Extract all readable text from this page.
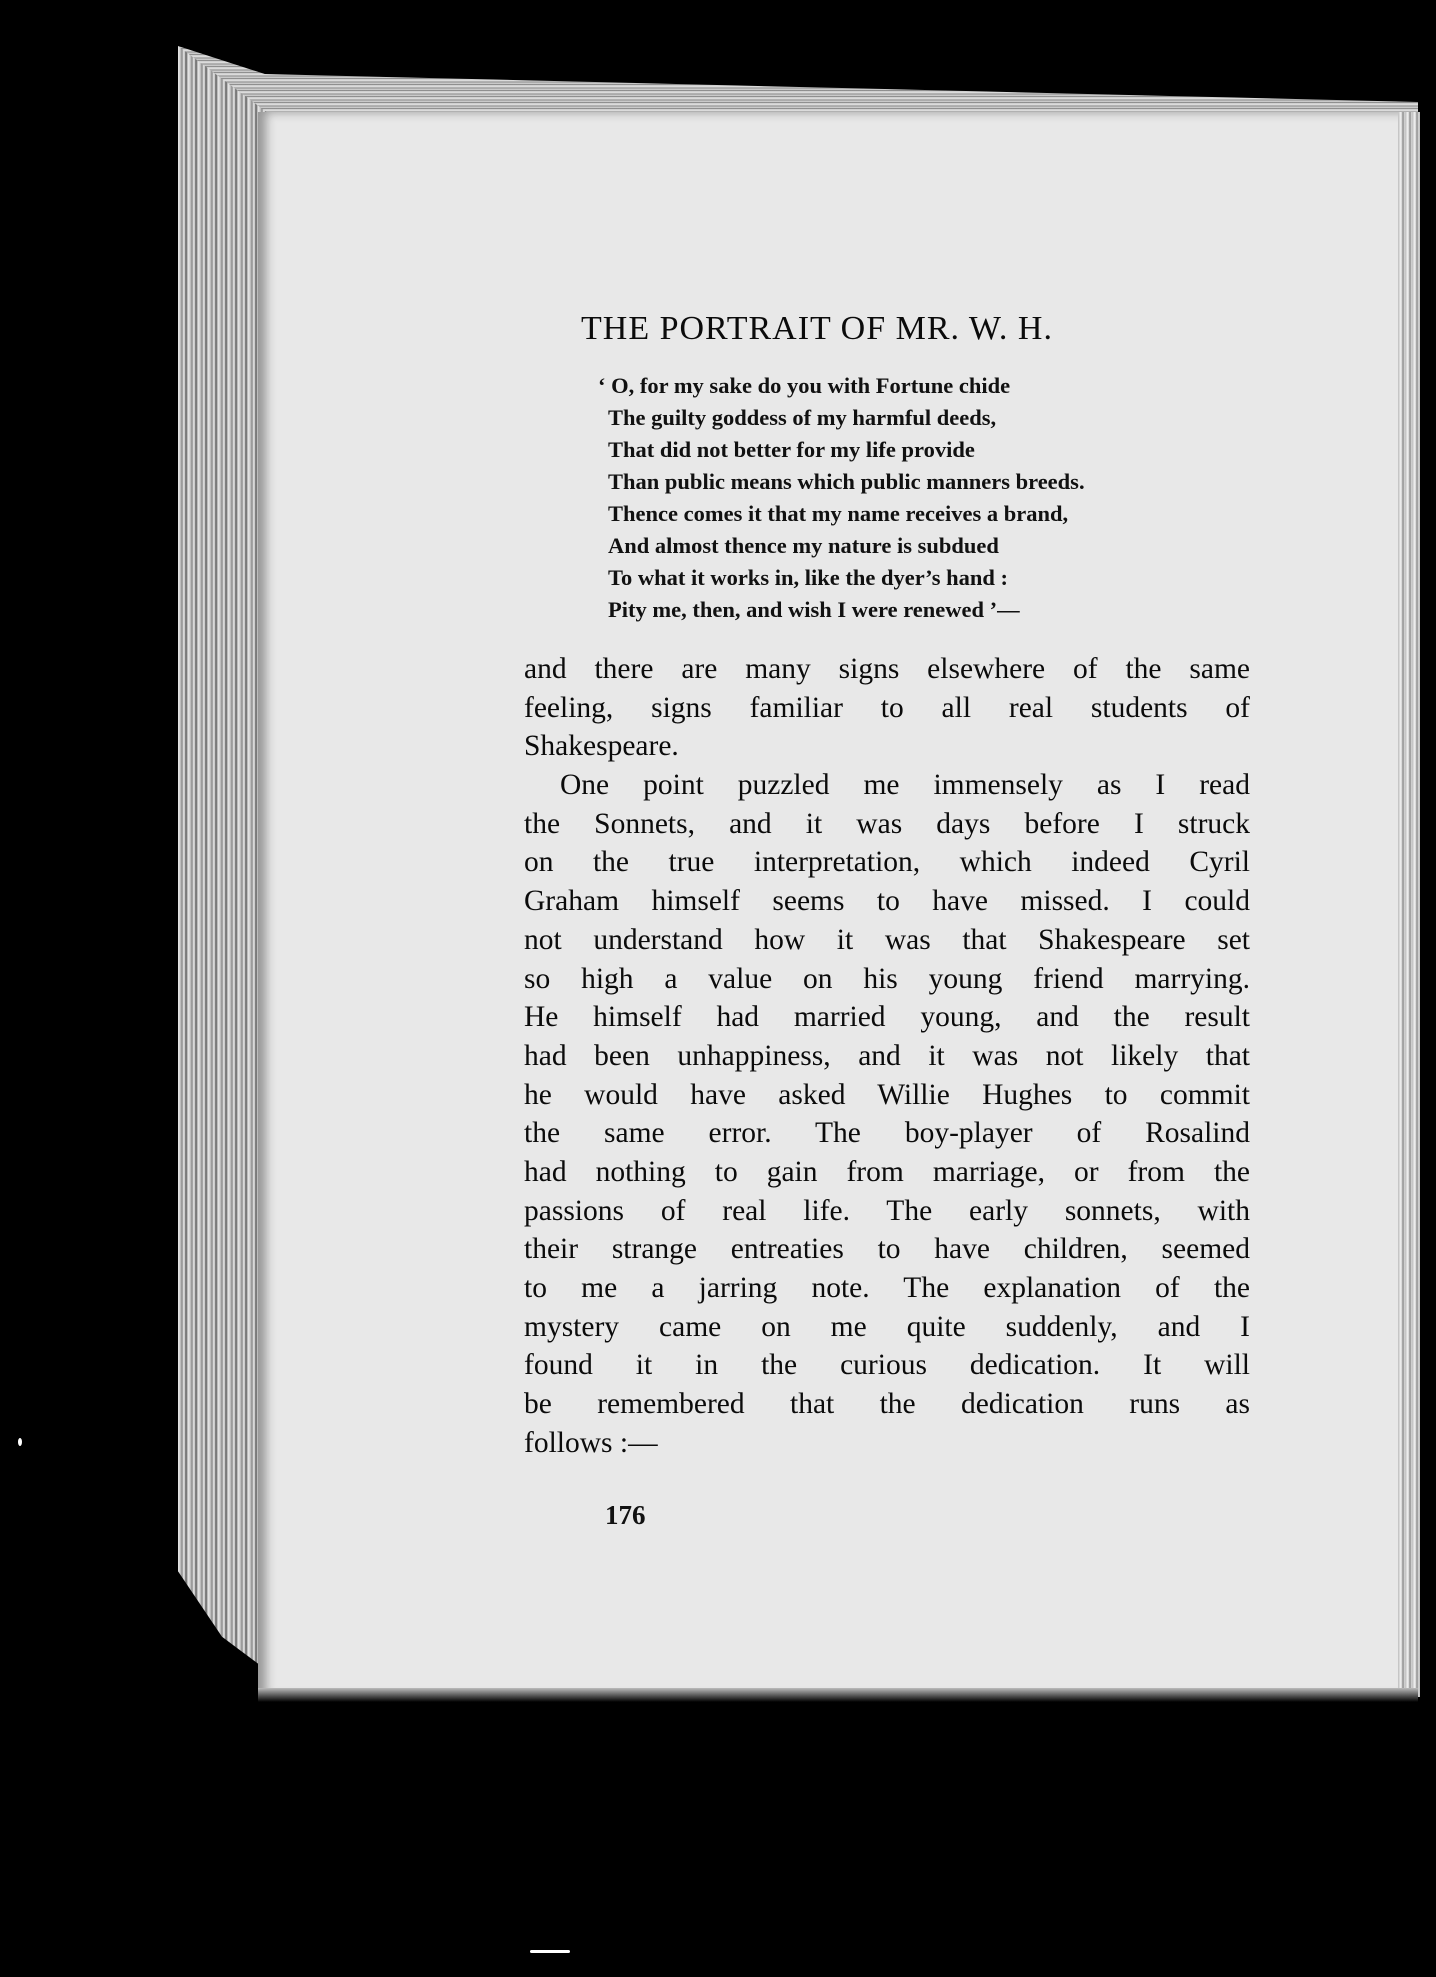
THE PORTRAIT OF MR. W. H.
‘ O, for my sake do you with Fortune chide
The guilty goddess of my harmful deeds,
That did not better for my life provide
Than public means which public manners breeds.
Thence comes it that my name receives a brand,
And almost thence my nature is subdued
To what it works in, like the dyer’s hand :
Pity me, then, and wish I were renewed ’—
and there are many signs elsewhere of the same
feeling, signs familiar to all real students of
Shakespeare.
One point puzzled me immensely as I read
the Sonnets, and it was days before I struck
on the true interpretation, which indeed Cyril
Graham himself seems to have missed. I could
not understand how it was that Shakespeare set
so high a value on his young friend marrying.
He himself had married young, and the result
had been unhappiness, and it was not likely that
he would have asked Willie Hughes to commit
the same error. The boy-player of Rosalind
had nothing to gain from marriage, or from the
passions of real life. The early sonnets, with
their strange entreaties to have children, seemed
to me a jarring note. The explanation of the
mystery came on me quite suddenly, and I
found it in the curious dedication. It will
be remembered that the dedication runs as
follows :—
176
